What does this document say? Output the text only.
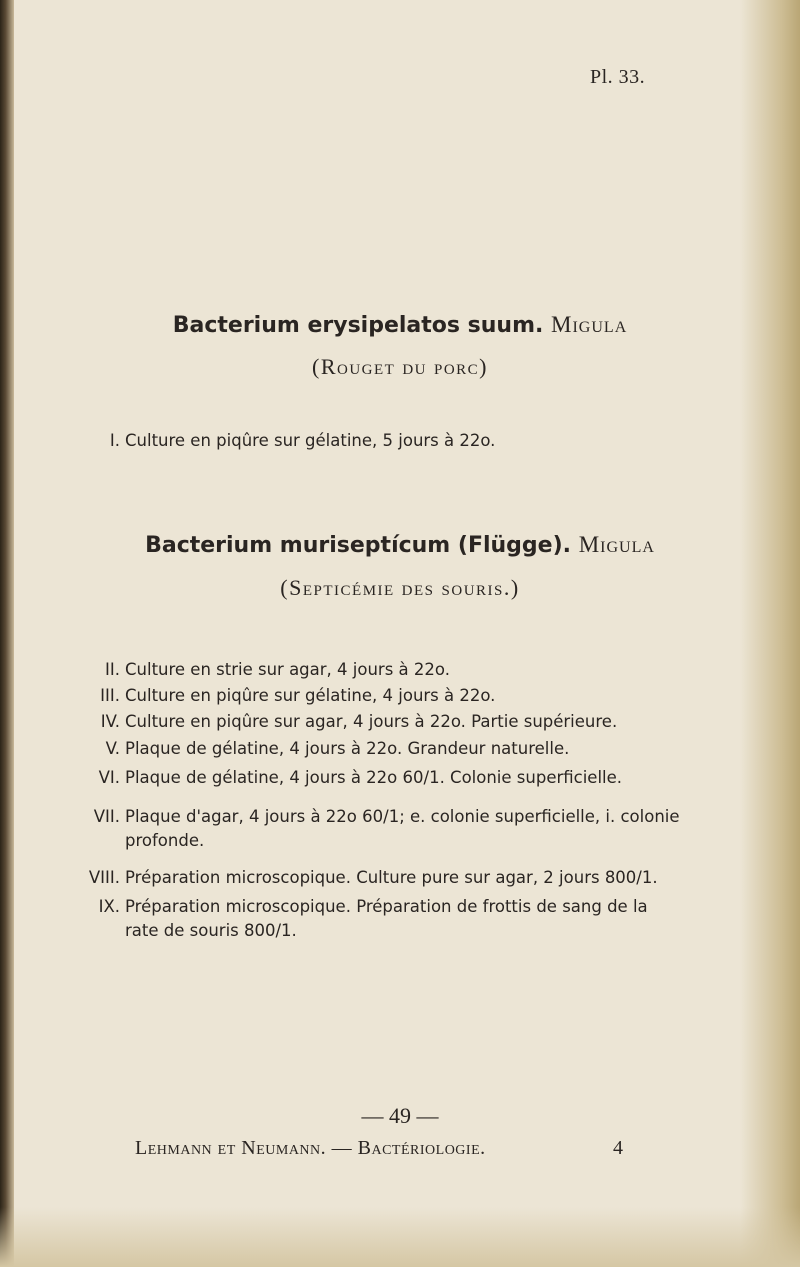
Pl. 33.
Bacterium erysipelatos suum. Migula
(Rouget du porc)
I. Culture en piqûre sur gélatine, 5 jours à 22o.
Bacterium muriseptícum (Flügge). Migula
(Septicémie des souris.)
II. Culture en strie sur agar, 4 jours à 22o.
III. Culture en piqûre sur gélatine, 4 jours à 22o.
IV. Culture en piqûre sur agar, 4 jours à 22o. Partie supérieure.
V. Plaque de gélatine, 4 jours à 22o. Grandeur naturelle.
VI. Plaque de gélatine, 4 jours à 22o 60/1. Colonie superficielle.
VII. Plaque d'agar, 4 jours à 22o 60/1; e. colonie superficielle, i. colonie profonde.
VIII. Préparation microscopique. Culture pure sur agar, 2 jours 800/1.
IX. Préparation microscopique. Préparation de frottis de sang de la rate de souris 800/1.
— 49 —
Lehmann et Neumann. — Bactériologie.	4
